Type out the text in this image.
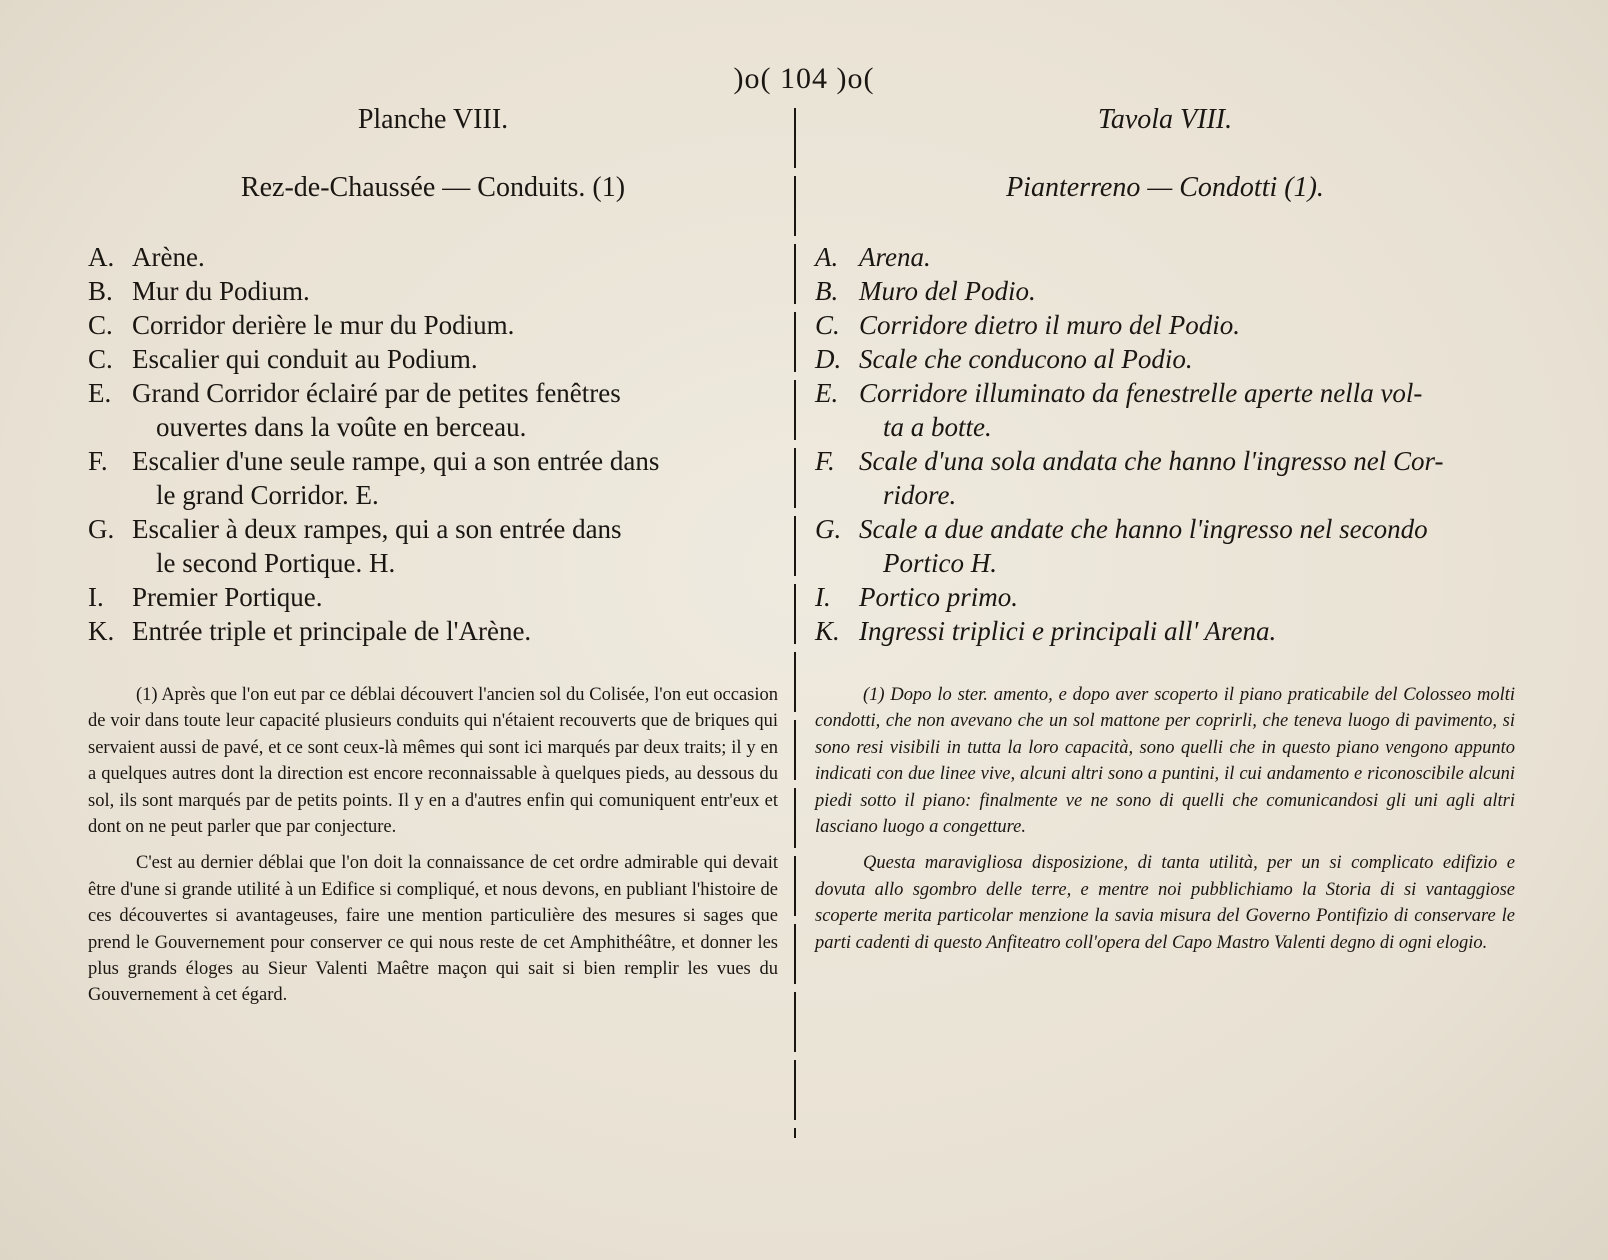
)o( 104 )o(
Planche VIII.
Rez-de-Chaussée — Conduits. (1)
A. Arène.
B. Mur du Podium.
C. Corridor derière le mur du Podium.
C. Escalier qui conduit au Podium.
E. Grand Corridor éclairé par de petites fenêtres
ouvertes dans la voûte en berceau.
F. Escalier d'une seule rampe, qui a son entrée dans
le grand Corridor. E.
G. Escalier à deux rampes, qui a son entrée dans
le second Portique. H.
I.	Premier Portique.
K. Entrée triple et principale de l'Arène.

(1) Après que l'on eut par ce déblai découvert l'ancien sol du Colisée, l'on eut occasion de voir dans toute leur capacité plusieurs conduits qui n'étaient recouverts que de briques qui servaient aussi de pavé, et ce sont ceux-là mêmes qui sont ici marqués par deux traits; il y en a quelques autres dont la direction est encore reconnaissable à quelques pieds, au dessous du sol, ils sont marqués par de petits points. Il y en a d'autres enfin qui comuniquent entr'eux et dont on ne peut parler que par conjecture.

C'est au dernier déblai que l'on doit la connaissance de cet ordre admirable qui devait être d'une si grande utilité à un Edifice si compliqué, et nous devons, en publiant l'histoire de ces découvertes si avantageuses, faire une mention particulière des mesures si sages que prend le Gouvernement pour conserver ce qui nous reste de cet Amphithéâtre, et donner les plus grands éloges au Sieur Valenti Maêtre maçon qui sait si bien remplir les vues du Gouvernement à cet égard.

Tavola VIII.
Pianterreno — Condotti (1).
A. Arena.
B. Muro del Podio.
C. Corridore dietro il muro del Podio.
D. Scale che conducono al Podio.
E. Corridore illuminato da fenestrelle aperte nella vol-
ta a botte.
F. Scale d'una sola andata che hanno l'ingresso nel Cor-
ridore.
G. Scale a due andate che hanno l'ingresso nel secondo
Portico H.
I.	Portico primo.
K. Ingressi triplici e principali all' Arena.

(1) Dopo lo ster. amento, e dopo aver scoperto il piano praticabile del Colosseo molti condotti, che non avevano che un sol mattone per coprirli, che teneva luogo di pavimento, si sono resi visibili in tutta la loro capacità, sono quelli che in questo piano vengono appunto indicati con due linee vive, alcuni altri sono a puntini, il cui andamento e riconoscibile alcuni piedi sotto il piano: finalmente ve ne sono di quelli che comunicandosi gli uni agli altri lasciano luogo a congetture.

Questa maravigliosa disposizione, di tanta utilità, per un si complicato edifizio e dovuta allo sgombro delle terre, e mentre noi pubblichiamo la Storia di si vantaggiose scoperte merita particolar menzione la savia misura del Governo Pontifizio di conservare le parti cadenti di questo Anfiteatro coll'opera del Capo Mastro Valenti degno di ogni elogio.
